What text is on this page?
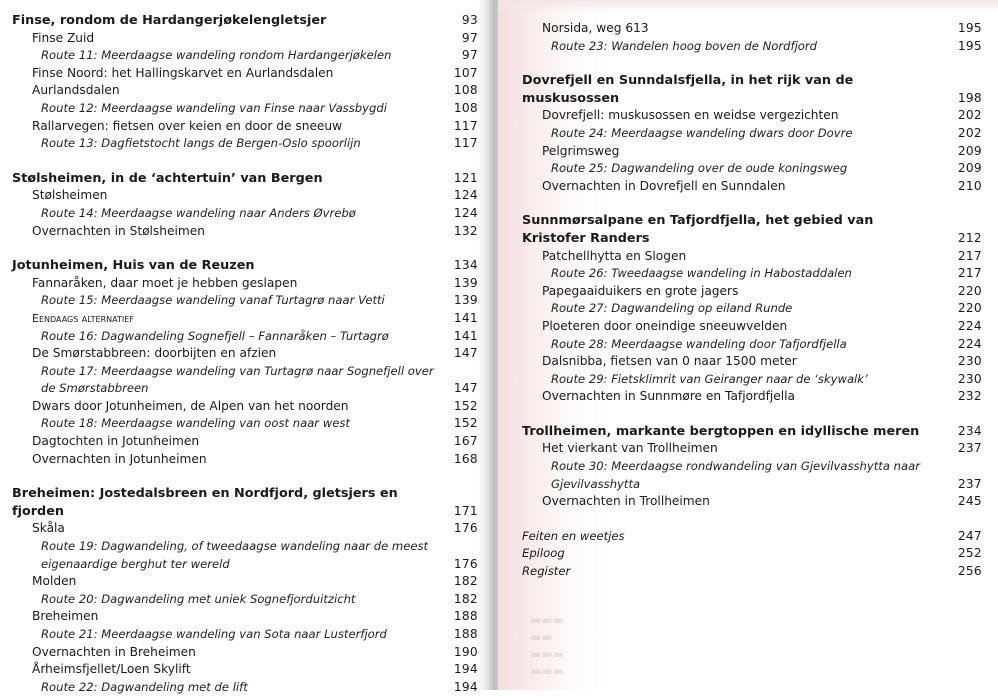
Finse, rondom de Hardangerjøkelengletsjer	93
Finse Zuid	97
Route 11: Meerdaagse wandeling rondom Hardangerjøkelen	97
Finse Noord: het Hallingskarvet en Aurlandsdalen	107
Aurlandsdalen	108
Route 12: Meerdaagse wandeling van Finse naar Vassbygdi	108
Rallarvegen: fietsen over keien en door de sneeuw	117
Route 13: Dagfietstocht langs de Bergen-Oslo spoorlijn	117
Stølsheimen, in de ‘achtertuin’ van Bergen	121
Stølsheimen	124
Route 14: Meerdaagse wandeling naar Anders Øvrebø	124
Overnachten in Stølsheimen	132
Jotunheimen, Huis van de Reuzen	134
Fannaråken, daar moet je hebben geslapen	139
Route 15: Meerdaagse wandeling vanaf Turtagrø naar Vetti	139
Eendaags alternatief	141
Route 16: Dagwandeling Sognefjell – Fannaråken – Turtagrø	141
De Smørstabbreen: doorbijten en afzien	147
Route 17: Meerdaagse wandeling van Turtagrø naar Sognefjell over
de Smørstabbreen	147
Dwars door Jotunheimen, de Alpen van het noorden	152
Route 18: Meerdaagse wandeling van oost naar west	152
Dagtochten in Jotunheimen	167
Overnachten in Jotunheimen	168
Breheimen: Jostedalsbreen en Nordfjord, gletsjers en fjorden	171
Skåla	176
Route 19: Dagwandeling, of tweedaagse wandeling naar de meest
eigenaardige berghut ter wereld	176
Molden	182
Route 20: Dagwandeling met uniek Sognefjorduitzicht	182
Breheimen	188
Route 21: Meerdaagse wandeling van Sota naar Lusterfjord	188
Overnachten in Breheimen	190
Årheimsfjellet/Loen Skylift	194
Route 22: Dagwandeling met de lift	194
Norsida, weg 613	195
Route 23: Wandelen hoog boven de Nordfjord	195
Dovrefjell en Sunndalsfjella, in het rijk van de muskusossen	198
Dovrefjell: muskusossen en weidse vergezichten	202
Route 24: Meerdaagse wandeling dwars door Dovre	202
Pelgrimsweg	209
Route 25: Dagwandeling over de oude koningsweg	209
Overnachten in Dovrefjell en Sunndalen	210
Sunnmørsalpane en Tafjordfjella, het gebied van
Kristofer Randers	212
Patchellhytta en Slogen	217
Route 26: Tweedaagse wandeling in Habostaddalen	217
Papegaaiduikers en grote jagers	220
Route 27: Dagwandeling op eiland Runde	220
Ploeteren door oneindige sneeuwvelden	224
Route 28: Meerdaagse wandeling door Tafjordfjella	224
Dalsnibba, fietsen van 0 naar 1500 meter	230
Route 29: Fietsklimrit van Geiranger naar de ‘skywalk’	230
Overnachten in Sunnmøre en Tafjordfjella	232
Trollheimen, markante bergtoppen en idyllische meren	234
Het vierkant van Trollheimen	237
Route 30: Meerdaagse rondwandeling van Gjevilvasshytta naar
Gjevilvasshytta	237
Overnachten in Trollheimen	245
Feiten en weetjes	247
Epiloog	252
Register	256
▬▬▬
▬▬
▬▬▬
▬▬▬
